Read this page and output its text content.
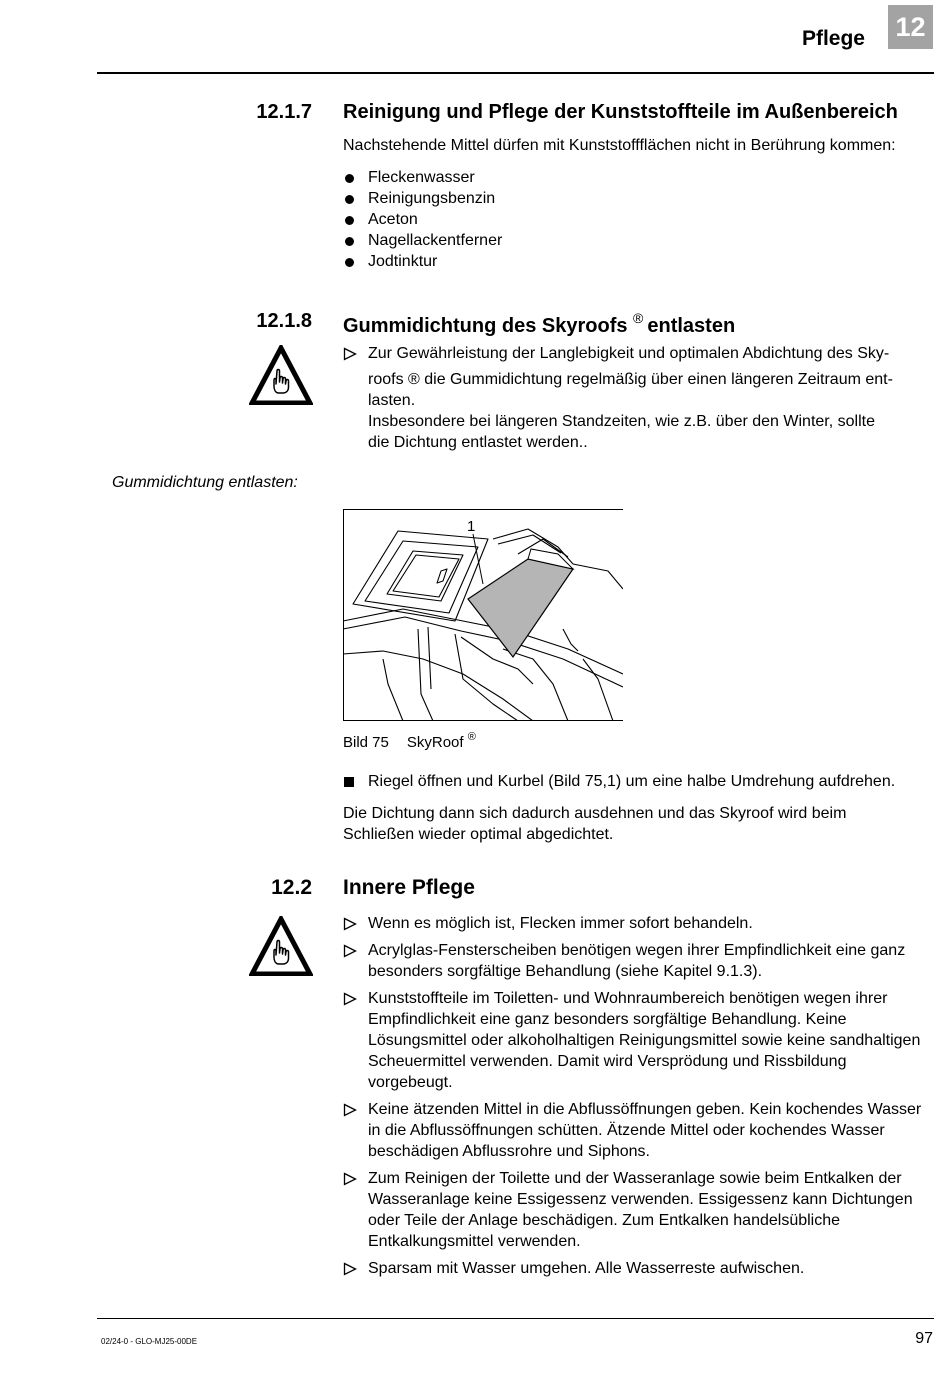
Pflege 12
12.1.7 Reinigung und Pflege der Kunststoffteile im Außenbereich
Nachstehende Mittel dürfen mit Kunststoffflächen nicht in Berührung kommen:
Fleckenwasser
Reinigungsbenzin
Aceton
Nagellackentferner
Jodtinktur
12.1.8 Gummidichtung des Skyroofs ® entlasten
Zur Gewährleistung der Langlebigkeit und optimalen Abdichtung des Sky-
roofs ® die Gummidichtung regelmäßig über einen längeren Zeitraum ent-
lasten.
Insbesondere bei längeren Standzeiten, wie z.B. über den Winter, sollte
die Dichtung entlastet werden..
Gummidichtung entlasten:
1
Bild 75 SkyRoof ®
Riegel öffnen und Kurbel (Bild 75,1) um eine halbe Umdrehung aufdrehen.
Die Dichtung dann sich dadurch ausdehnen und das Skyroof wird beim
Schließen wieder optimal abgedichtet.
12.2 Innere Pflege
Wenn es möglich ist, Flecken immer sofort behandeln.
Acrylglas-Fensterscheiben benötigen wegen ihrer Empfindlichkeit eine ganz besonders sorgfältige Behandlung (siehe Kapitel 9.1.3).
Kunststoffteile im Toiletten- und Wohnraumbereich benötigen wegen ihrer Empfindlichkeit eine ganz besonders sorgfältige Behandlung. Keine Lösungsmittel oder alkoholhaltigen Reinigungsmittel sowie keine sandhaltigen Scheuermittel verwenden. Damit wird Versprödung und Rissbildung vorgebeugt.
Keine ätzenden Mittel in die Abflussöffnungen geben. Kein kochendes Wasser in die Abflussöffnungen schütten. Ätzende Mittel oder kochendes Wasser beschädigen Abflussrohre und Siphons.
Zum Reinigen der Toilette und der Wasseranlage sowie beim Entkalken der Wasseranlage keine Essigessenz verwenden. Essigessenz kann Dichtungen oder Teile der Anlage beschädigen. Zum Entkalken handelsübliche Entkalkungsmittel verwenden.
Sparsam mit Wasser umgehen. Alle Wasserreste aufwischen.
02/24-0 - GLO-MJ25-00DE	97
